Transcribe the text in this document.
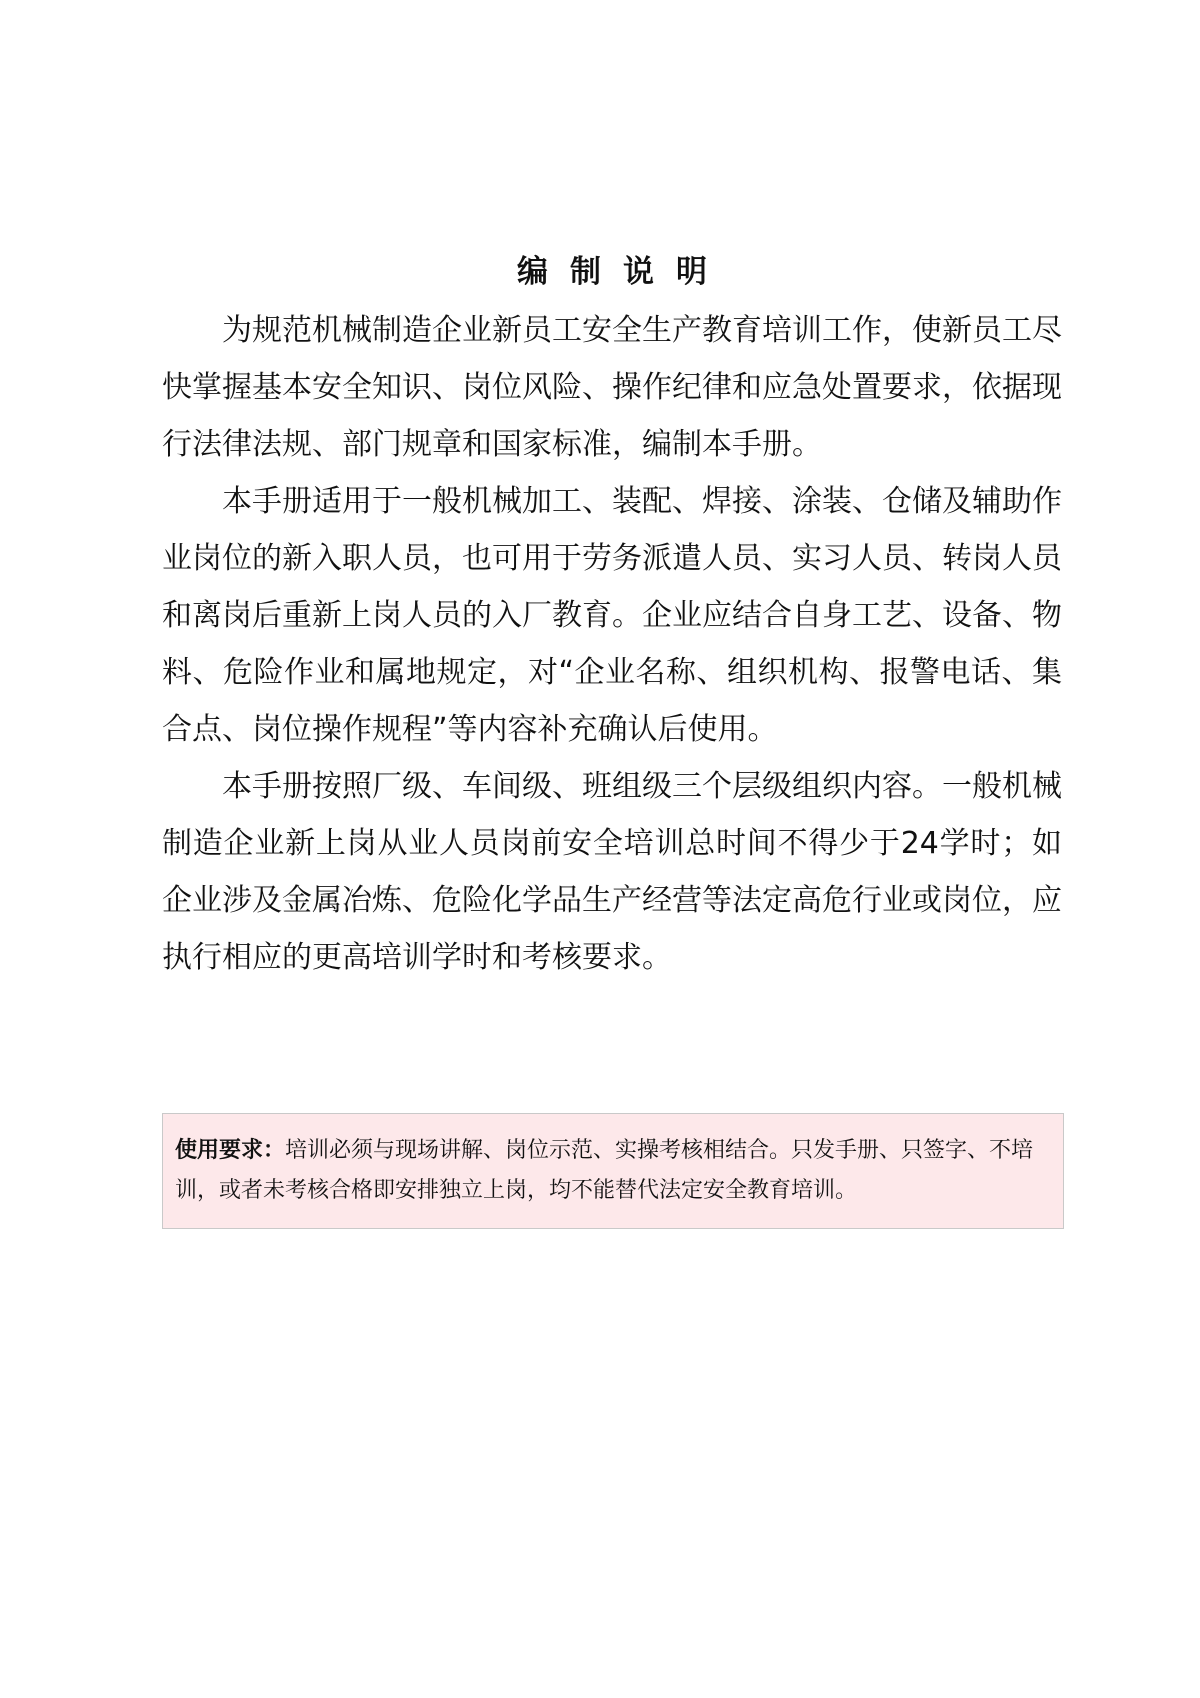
编制说明

为规范机械制造企业新员工安全生产教育培训工作，使新员工尽快掌握基本安全知识、岗位风险、操作纪律和应急处置要求，依据现行法律法规、部门规章和国家标准，编制本手册。

本手册适用于一般机械加工、装配、焊接、涂装、仓储及辅助作业岗位的新入职人员，也可用于劳务派遣人员、实习人员、转岗人员和离岗后重新上岗人员的入厂教育。企业应结合自身工艺、设备、物料、危险作业和属地规定，对“企业名称、组织机构、报警电话、集合点、岗位操作规程”等内容补充确认后使用。

本手册按照厂级、车间级、班组级三个层级组织内容。一般机械制造企业新上岗从业人员岗前安全培训总时间不得少于24学时；如企业涉及金属冶炼、危险化学品生产经营等法定高危行业或岗位，应执行相应的更高培训学时和考核要求。

使用要求：培训必须与现场讲解、岗位示范、实操考核相结合。只发手册、只签字、不培训，或者未考核合格即安排独立上岗，均不能替代法定安全教育培训。
